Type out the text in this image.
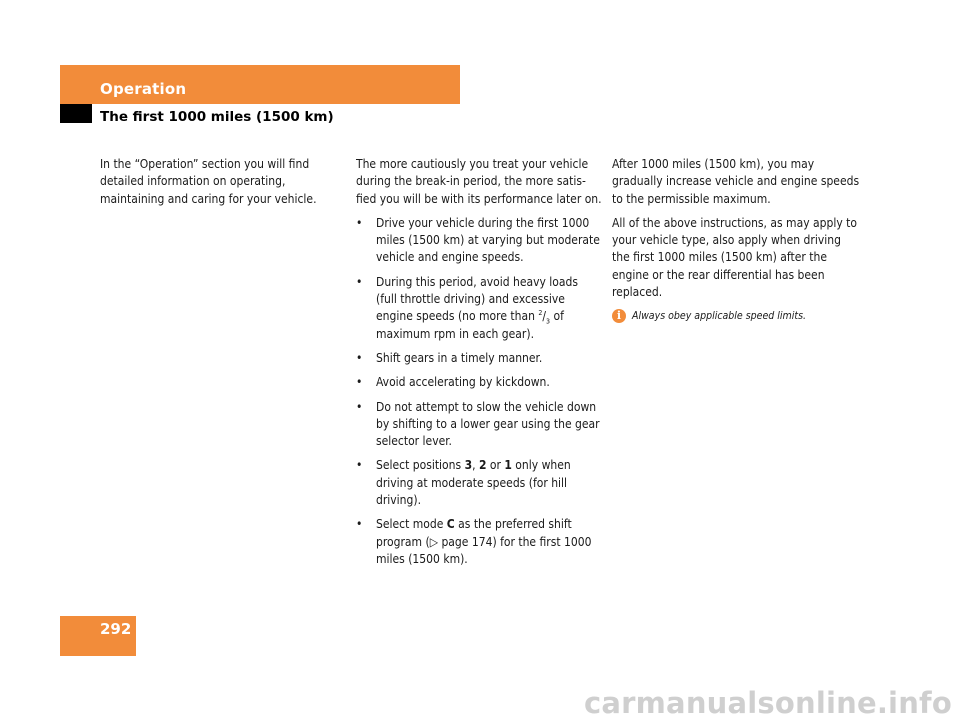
Operation
The first 1000 miles (1500 km)

In the “Operation” section you will find detailed information on operating, maintaining and caring for your vehicle.

The more cautiously you treat your vehicle during the break-in period, the more satis-fied you will be with its performance later on.

• Drive your vehicle during the first 1000 miles (1500 km) at varying but moderate vehicle and engine speeds.
• During this period, avoid heavy loads (full throttle driving) and excessive engine speeds (no more than $^2/_3$ of maximum rpm in each gear).
• Shift gears in a timely manner.
• Avoid accelerating by kickdown.
• Do not attempt to slow the vehicle down by shifting to a lower gear using the gear selector lever.
• Select positions 3, 2 or 1 only when driving at moderate speeds (for hill driving).
• Select mode C as the preferred shift program (▷ page 174) for the first 1000 miles (1500 km).

After 1000 miles (1500 km), you may gradually increase vehicle and engine speeds to the permissible maximum.

All of the above instructions, as may apply to your vehicle type, also apply when driving the first 1000 miles (1500 km) after the engine or the rear differential has been replaced.

i	Always obey applicable speed limits.
292
carmanualsonline.info
